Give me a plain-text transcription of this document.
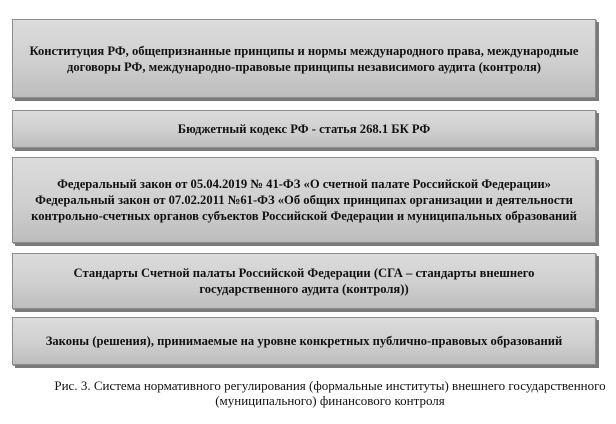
Конституция РФ, общепризнанные принципы и нормы международного права, международные договоры РФ, международно-правовые принципы независимого аудита (контроля)
Бюджетный кодекс РФ - статья 268.1 БК РФ
Федеральный закон от 05.04.2019 № 41-ФЗ «О счетной палате Российской Федерации» Федеральный закон от 07.02.2011 №61-ФЗ «Об общих принципах организации и деятельности контрольно-счетных органов субъектов Российской Федерации и муниципальных образований
Стандарты Счетной палаты Российской Федерации (СГА – стандарты внешнего государственного аудита (контроля))
Законы (решения), принимаемые на уровне конкретных публично-правовых образований
Рис. 3. Система нормативного регулирования (формальные институты) внешнего государственного (муниципального) финансового контроля
